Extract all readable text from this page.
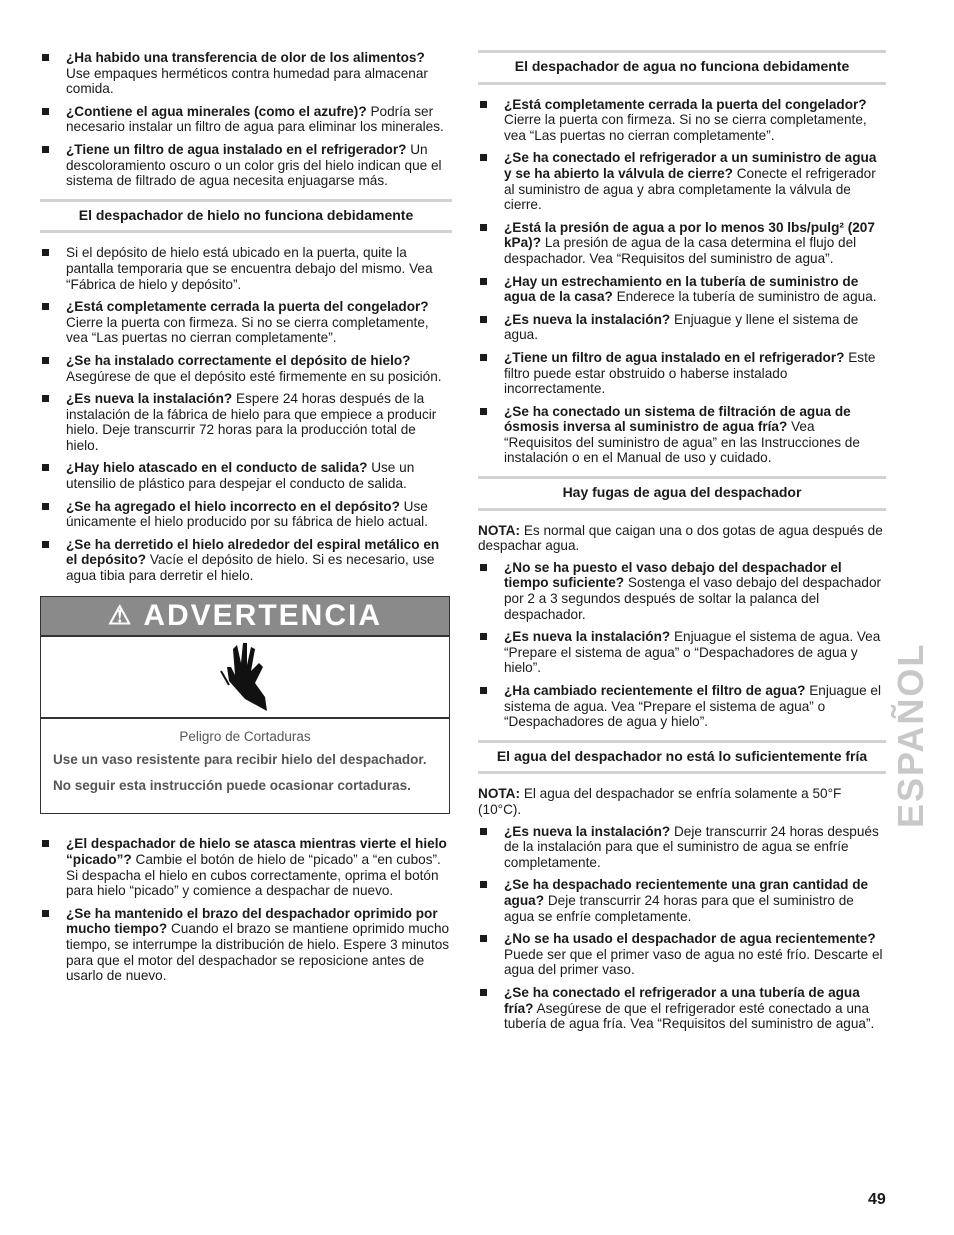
¿Ha habido una transferencia de olor de los alimentos? Use empaques herméticos contra humedad para almacenar comida.
¿Contiene el agua minerales (como el azufre)? Podría ser necesario instalar un filtro de agua para eliminar los minerales.
¿Tiene un filtro de agua instalado en el refrigerador? Un descoloramiento oscuro o un color gris del hielo indican que el sistema de filtrado de agua necesita enjuagarse más.
El despachador de hielo no funciona debidamente
Si el depósito de hielo está ubicado en la puerta, quite la pantalla temporaria que se encuentra debajo del mismo. Vea “Fábrica de hielo y depósito”.
¿Está completamente cerrada la puerta del congelador? Cierre la puerta con firmeza. Si no se cierra completamente, vea “Las puertas no cierran completamente”.
¿Se ha instalado correctamente el depósito de hielo? Asegúrese de que el depósito esté firmemente en su posición.
¿Es nueva la instalación? Espere 24 horas después de la instalación de la fábrica de hielo para que empiece a producir hielo. Deje transcurrir 72 horas para la producción total de hielo.
¿Hay hielo atascado en el conducto de salida? Use un utensilio de plástico para despejar el conducto de salida.
¿Se ha agregado el hielo incorrecto en el depósito? Use únicamente el hielo producido por su fábrica de hielo actual.
¿Se ha derretido el hielo alrededor del espiral metálico en el depósito? Vacíe el depósito de hielo. Si es necesario, use agua tibia para derretir el hielo.
⚠ ADVERTENCIA
Peligro de Cortaduras
Use un vaso resistente para recibir hielo del despachador.
No seguir esta instrucción puede ocasionar cortaduras.
¿El despachador de hielo se atasca mientras vierte el hielo “picado”? Cambie el botón de hielo de “picado” a “en cubos”. Si despacha el hielo en cubos correctamente, oprima el botón para hielo “picado” y comience a despachar de nuevo.
¿Se ha mantenido el brazo del despachador oprimido por mucho tiempo? Cuando el brazo se mantiene oprimido mucho tiempo, se interrumpe la distribución de hielo. Espere 3 minutos para que el motor del despachador se reposicione antes de usarlo de nuevo.
El despachador de agua no funciona debidamente
¿Está completamente cerrada la puerta del congelador? Cierre la puerta con firmeza. Si no se cierra completamente, vea “Las puertas no cierran completamente”.
¿Se ha conectado el refrigerador a un suministro de agua y se ha abierto la válvula de cierre? Conecte el refrigerador al suministro de agua y abra completamente la válvula de cierre.
¿Está la presión de agua a por lo menos 30 lbs/pulg² (207 kPa)? La presión de agua de la casa determina el flujo del despachador. Vea “Requisitos del suministro de agua”.
¿Hay un estrechamiento en la tubería de suministro de agua de la casa? Enderece la tubería de suministro de agua.
¿Es nueva la instalación? Enjuague y llene el sistema de agua.
¿Tiene un filtro de agua instalado en el refrigerador? Este filtro puede estar obstruido o haberse instalado incorrectamente.
¿Se ha conectado un sistema de filtración de agua de ósmosis inversa al suministro de agua fría? Vea “Requisitos del suministro de agua” en las Instrucciones de instalación o en el Manual de uso y cuidado.
Hay fugas de agua del despachador
NOTA: Es normal que caigan una o dos gotas de agua después de despachar agua.
¿No se ha puesto el vaso debajo del despachador el tiempo suficiente? Sostenga el vaso debajo del despachador por 2 a 3 segundos después de soltar la palanca del despachador.
¿Es nueva la instalación? Enjuague el sistema de agua. Vea “Prepare el sistema de agua” o “Despachadores de agua y hielo”.
¿Ha cambiado recientemente el filtro de agua? Enjuague el sistema de agua. Vea “Prepare el sistema de agua” o “Despachadores de agua y hielo”.
El agua del despachador no está lo suficientemente fría
NOTA: El agua del despachador se enfría solamente a 50°F (10°C).
¿Es nueva la instalación? Deje transcurrir 24 horas después de la instalación para que el suministro de agua se enfríe completamente.
¿Se ha despachado recientemente una gran cantidad de agua? Deje transcurrir 24 horas para que el suministro de agua se enfríe completamente.
¿No se ha usado el despachador de agua recientemente? Puede ser que el primer vaso de agua no esté frío. Descarte el agua del primer vaso.
¿Se ha conectado el refrigerador a una tubería de agua fría? Asegúrese de que el refrigerador esté conectado a una tubería de agua fría. Vea “Requisitos del suministro de agua”.
ESPAÑOL
49
